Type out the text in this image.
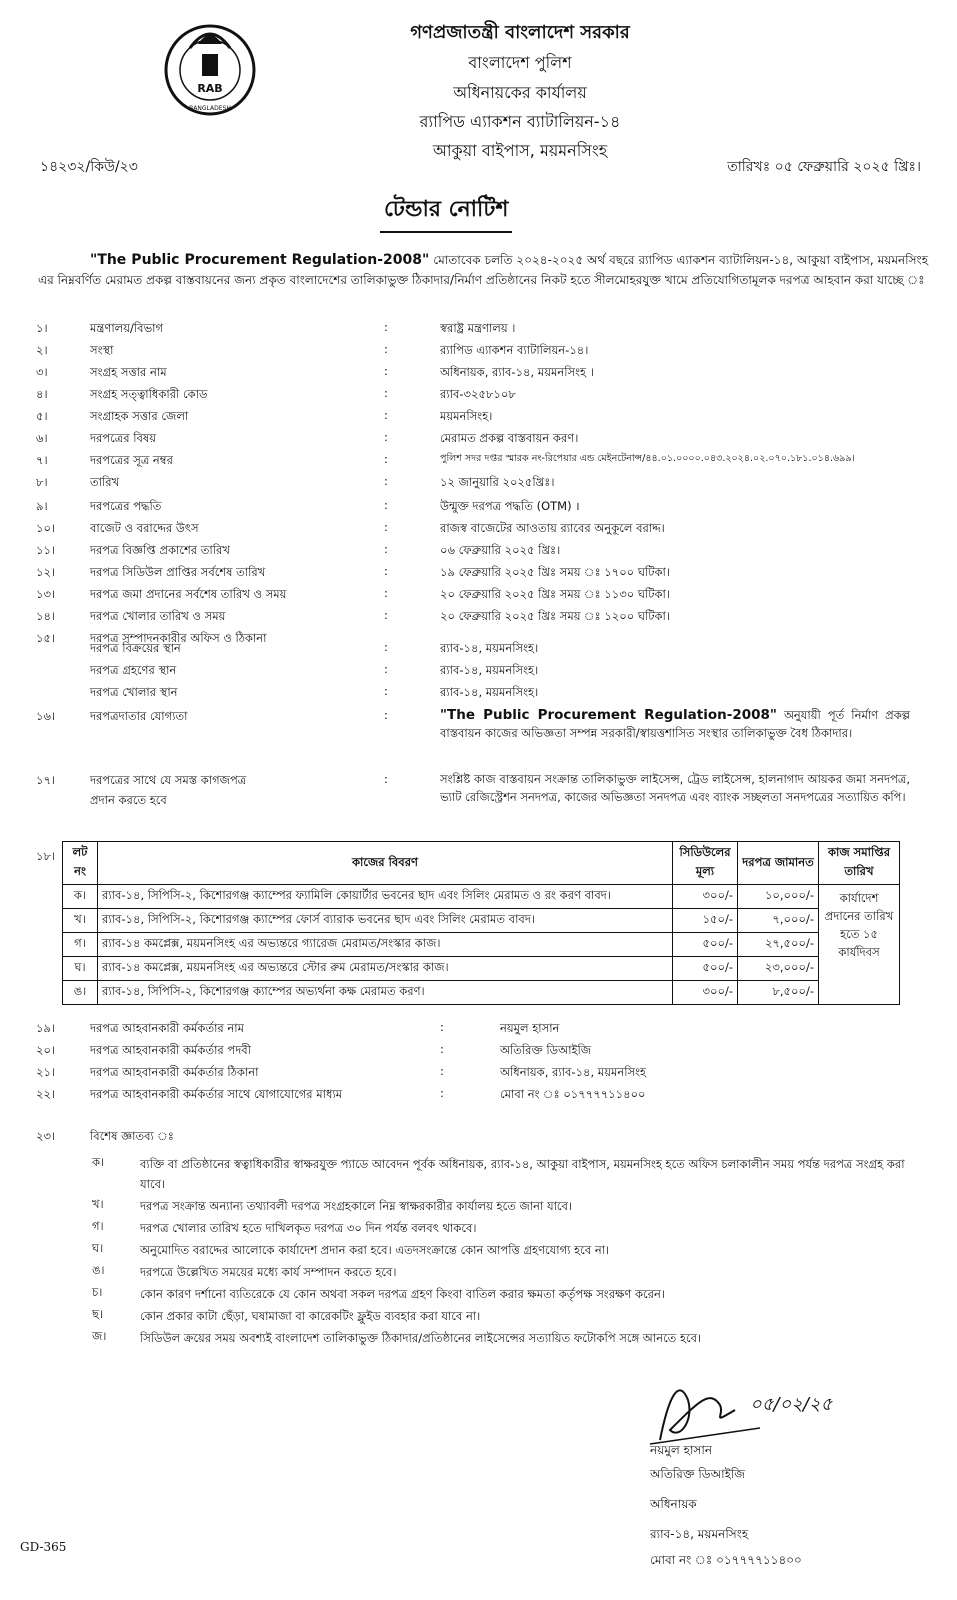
RAB
BANGLADESH
গণপ্রজাতন্ত্রী বাংলাদেশ সরকার
বাংলাদেশ পুলিশ
অধিনায়কের কার্যালয়
র‍্যাপিড এ্যাকশন ব্যাটালিয়ন-১৪
আকুয়া বাইপাস, ময়মনসিংহ
১৪২৩২/কিউ/২৩	তারিখঃ ০৫ ফেব্রুয়ারি ২০২৫ খ্রিঃ।
টেন্ডার নোটিশ
"The Public Procurement Regulation-2008" মোতাবেক চলতি ২০২৪-২০২৫ অর্থ বছরে র‍্যাপিড এ্যাকশন ব্যাটালিয়ন-১৪, আকুয়া বাইপাস, ময়মনসিংহ এর নিম্নবর্ণিত মেরামত প্রকল্প বাস্তবায়নের জন্য প্রকৃত বাংলাদেশের তালিকাভুক্ত ঠিকাদার/নির্মাণ প্রতিষ্ঠানের নিকট হতে সীলমোহরযুক্ত খামে প্রতিযোগিতামূলক দরপত্র আহবান করা যাচ্ছে ঃ
১।	মন্ত্রণালয়/বিভাগ	:	স্বরাষ্ট্র মন্ত্রণালয় ।
২।	সংস্থা	:	র‍্যাপিড এ্যাকশন ব্যাটালিয়ন-১৪।
৩।	সংগ্রহ সত্তার নাম	:	অধিনায়ক, র‍্যাব-১৪, ময়মনসিংহ ।
৪।	সংগ্রহ সত্ত্বাধিকারী কোড	:	র‍্যাব-৩২৫৮১০৮
৫।	সংগ্রাহক সত্তার জেলা	:	ময়মনসিংহ।
৬।	দরপত্রের বিষয়	:	মেরামত প্রকল্প বাস্তবায়ন করণ।
৭।	দরপত্রের সূত্র নম্বর	:	পুলিশ সদর দপ্তর স্মারক নং-রিপেয়ার এন্ড মেইনটেনান্স/৪৪.০১.০০০০.০৪৩.২০২৪.০২.০৭০.১৮১.০১৪.৬৯৯।
৮।	তারিখ	:	১২ জানুয়ারি ২০২৫খ্রিঃ।
৯।	দরপত্রের পদ্ধতি	:	উন্মুক্ত দরপত্র পদ্ধতি (OTM) ।
১০।	বাজেট ও বরাদ্দের উৎস	:	রাজস্ব বাজেটের আওতায় র‍্যাবের অনুকূলে বরাদ্দ।
১১।	দরপত্র বিজ্ঞপ্তি প্রকাশের তারিখ	:	০৬ ফেব্রুয়ারি ২০২৫ খ্রিঃ।
১২।	দরপত্র সিডিউল প্রাপ্তির সর্বশেষ তারিখ	:	১৯ ফেব্রুয়ারি ২০২৫ খ্রিঃ সময় ঃ ১৭০০ ঘটিকা।
১৩।	দরপত্র জমা প্রদানের সর্বশেষ তারিখ ও সময়	:	২০ ফেব্রুয়ারি ২০২৫ খ্রিঃ সময় ঃ ১১৩০ ঘটিকা।
১৪।	দরপত্র খোলার তারিখ ও সময়	:	২০ ফেব্রুয়ারি ২০২৫ খ্রিঃ সময় ঃ ১২০০ ঘটিকা।
১৫।	দরপত্র সম্পাদনকারীর অফিস ও ঠিকানা
দরপত্র বিক্রয়ের স্থান	:	র‍্যাব-১৪, ময়মনসিংহ।
দরপত্র গ্রহণের স্থান	:	র‍্যাব-১৪, ময়মনসিংহ।
দরপত্র খোলার স্থান	:	র‍্যাব-১৪, ময়মনসিংহ।
১৬।	দরপত্রদাতার যোগ্যতা	:	"The Public Procurement Regulation-2008" অনুযায়ী পূর্ত নির্মাণ প্রকল্প বাস্তবায়ন কাজের অভিজ্ঞতা সম্পন্ন সরকারী/স্বায়ত্তশাসিত সংস্থার তালিকাভুক্ত বৈধ ঠিকাদার।
১৭।	দরপত্রের সাথে যে সমস্ত কাগজপত্র	:
প্রদান করতে হবে
সংশ্লিষ্ট কাজ বাস্তবায়ন সংক্রান্ত তালিকাভুক্ত লাইসেন্স, ট্রেড লাইসেন্স, হালনাগাদ আয়কর জমা সনদপত্র, ভ্যাট রেজিস্ট্রেশন সনদপত্র, কাজের অভিজ্ঞতা সনদপত্র এবং ব্যাংক সচ্ছলতা সনদপত্রের সত্যায়িত কপি।
১৮। লট নং	কাজের বিবরণ	সিডিউলের মূল্য	দরপত্র জামানত	কাজ সমাপ্তির তারিখ
ক।	র‍্যাব-১৪, সিপিসি-২, কিশোরগঞ্জ ক্যাম্পের ফ্যামিলি কোয়ার্টার ভবনের ছাদ এবং সিলিং মেরামত ও রং করণ বাবদ।	৩০০/-	১০,০০০/-	কার্যাদেশ
প্রদানের তারিখ
হতে ১৫
কার্যদিবস

খ।	র‍্যাব-১৪, সিপিসি-২, কিশোরগঞ্জ ক্যাম্পের ফোর্স ব্যারাক ভবনের ছাদ এবং সিলিং মেরামত বাবদ।	১৫০/-	৭,০০০/-	
গ।	র‍্যাব-১৪ কমপ্লেক্স, ময়মনসিংহ এর অভ্যন্তরে গ্যারেজ মেরামত/সংস্কার কাজ।	৫০০/-	২৭,৫০০/-	
ঘ।	র‍্যাব-১৪ কমপ্লেক্স, ময়মনসিংহ এর অভ্যন্তরে স্টোর রুম মেরামত/সংস্কার কাজ।	৫০০/-	২৩,০০০/-	
ঙ।	র‍্যাব-১৪, সিপিসি-২, কিশোরগঞ্জ ক্যাম্পের অভ্যর্থনা কক্ষ মেরামত করণ।	৩০০/-	৮,৫০০/-	
১৯।	দরপত্র আহবানকারী কর্মকর্তার নাম	:	নয়মুল হাসান
২০।	দরপত্র আহবানকারী কর্মকর্তার পদবী	:	অতিরিক্ত ডিআইজি
২১।	দরপত্র আহবানকারী কর্মকর্তার ঠিকানা	:	অধিনায়ক, র‍্যাব-১৪, ময়মনসিংহ
২২।	দরপত্র আহবানকারী কর্মকর্তার সাথে যোগাযোগের মাধ্যম	:	মোবা নং ঃ ০১৭৭৭৭১১৪০০
২৩।	বিশেষ জ্ঞাতব্য ঃ
ক।	ব্যক্তি বা প্রতিষ্ঠানের স্বত্বাধিকারীর স্বাক্ষরযুক্ত প্যাডে আবেদন পূর্বক অধিনায়ক, র‍্যাব-১৪, আকুয়া বাইপাস, ময়মনসিংহ হতে অফিস চলাকালীন সময় পর্যন্ত দরপত্র সংগ্রহ করা যাবে।
খ।	দরপত্র সংক্রান্ত অন্যান্য তথ্যাবলী দরপত্র সংগ্রহকালে নিম্ন স্বাক্ষরকারীর কার্যালয় হতে জানা যাবে।
গ।	দরপত্র খোলার তারিখ হতে দাখিলকৃত দরপত্র ৩০ দিন পর্যন্ত বলবৎ থাকবে।
ঘ।	অনুমোদিত বরাদ্দের আলোকে কার্যাদেশ প্রদান করা হবে। এতদসংক্রান্তে কোন আপত্তি গ্রহণযোগ্য হবে না।
ঙ।	দরপত্রে উল্লেখিত সময়ের মধ্যে কার্য সম্পাদন করতে হবে।
চ।	কোন কারণ দর্শানো ব্যতিরেকে যে কোন অথবা সকল দরপত্র গ্রহণ কিংবা বাতিল করার ক্ষমতা কর্তৃপক্ষ সংরক্ষণ করেন।
ছ।	কোন প্রকার কাটা ছেঁড়া, ঘষামাজা বা কারেকটিং ফ্লুইড ব্যবহার করা যাবে না।
জ।	সিডিউল ক্রয়ের সময় অবশ্যই বাংলাদেশ তালিকাভুক্ত ঠিকাদার/প্রতিষ্ঠানের লাইসেন্সের সত্যায়িত ফটোকপি সঙ্গে আনতে হবে।
০৫/০২/২৫
নয়মুল হাসান
অতিরিক্ত ডিআইজি
অধিনায়ক
র‍্যাব-১৪, ময়মনসিংহ
মোবা নং ঃ ০১৭৭৭৭১১৪০০
GD-365
